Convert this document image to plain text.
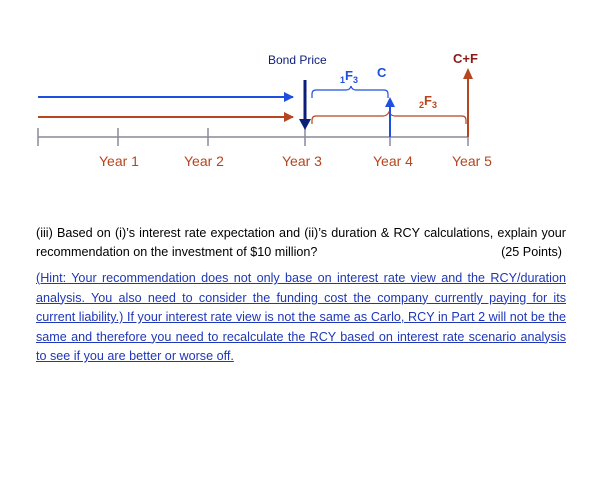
Bond Price
1F3 C
2F3
C+F
Year 1	Year 2	Year 3	Year 4	Year 5
(iii) Based on (i)’s interest rate expectation and (ii)’s duration & RCY calculations, explain your recommendation on the investment of $10 million?	(25 Points)
(Hint: Your recommendation does not only base on interest rate view and the RCY/duration analysis. You also need to consider the funding cost the company currently paying for its current liability.) If your interest rate view is not the same as Carlo, RCY in Part 2 will not be the same and therefore you need to recalculate the RCY based on interest rate scenario analysis to see if you are better or worse off.
